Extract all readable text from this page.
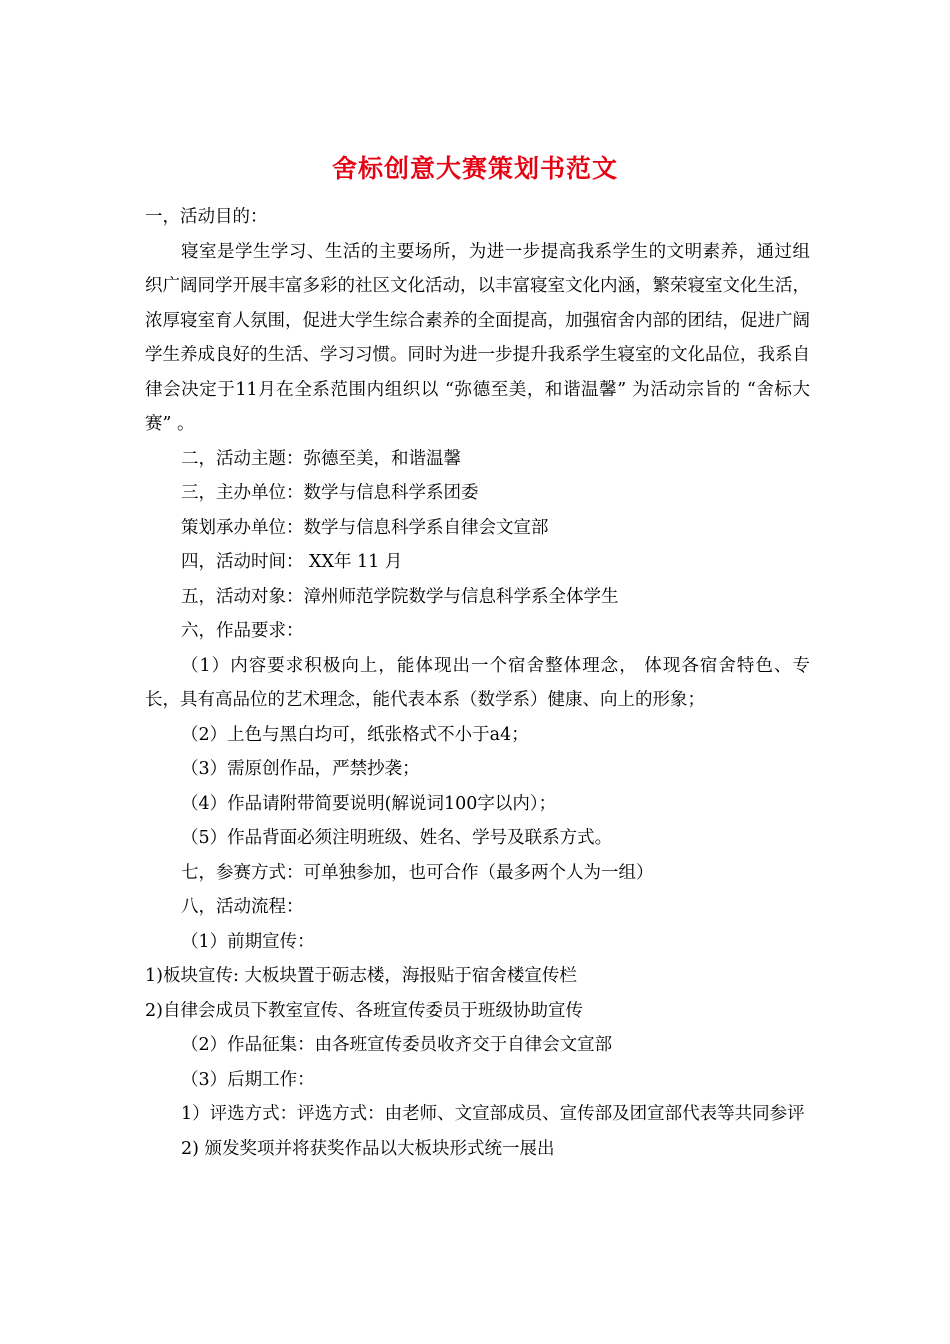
舍标创意大赛策划书范文

一，活动目的：

寝室是学生学习、生活的主要场所，为进一步提高我系学生的文明素养，通过组织广阔同学开展丰富多彩的社区文化活动，以丰富寝室文化内涵，繁荣寝室文化生活，浓厚寝室育人氛围，促进大学生综合素养的全面提高，加强宿舍内部的团结，促进广阔学生养成良好的生活、学习习惯。同时为进一步提升我系学生寝室的文化品位，我系自律会决定于11月在全系范围内组织以 “弥德至美，和谐温馨” 为活动宗旨的 “舍标大赛” 。

二，活动主题：弥德至美，和谐温馨

三，主办单位：数学与信息科学系团委

策划承办单位：数学与信息科学系自律会文宣部

四，活动时间： XX年 11 月

五，活动对象：漳州师范学院数学与信息科学系全体学生

六，作品要求：

（1）内容要求积极向上，能体现出一个宿舍整体理念， 体现各宿舍特色、专长，具有高品位的艺术理念，能代表本系（数学系）健康、向上的形象；

（2）上色与黑白均可，纸张格式不小于a4；

（3）需原创作品，严禁抄袭；

（4）作品请附带简要说明(解说词100字以内）；

（5）作品背面必须注明班级、姓名、学号及联系方式。

七，参赛方式：可单独参加，也可合作（最多两个人为一组）

八，活动流程：

（1）前期宣传：

1)板块宣传: 大板块置于砺志楼，海报贴于宿舍楼宣传栏

2)自律会成员下教室宣传、各班宣传委员于班级协助宣传

（2）作品征集：由各班宣传委员收齐交于自律会文宣部

（3）后期工作：

1）评选方式：评选方式：由老师、文宣部成员、宣传部及团宣部代表等共同参评

2) 颁发奖项并将获奖作品以大板块形式统一展出
